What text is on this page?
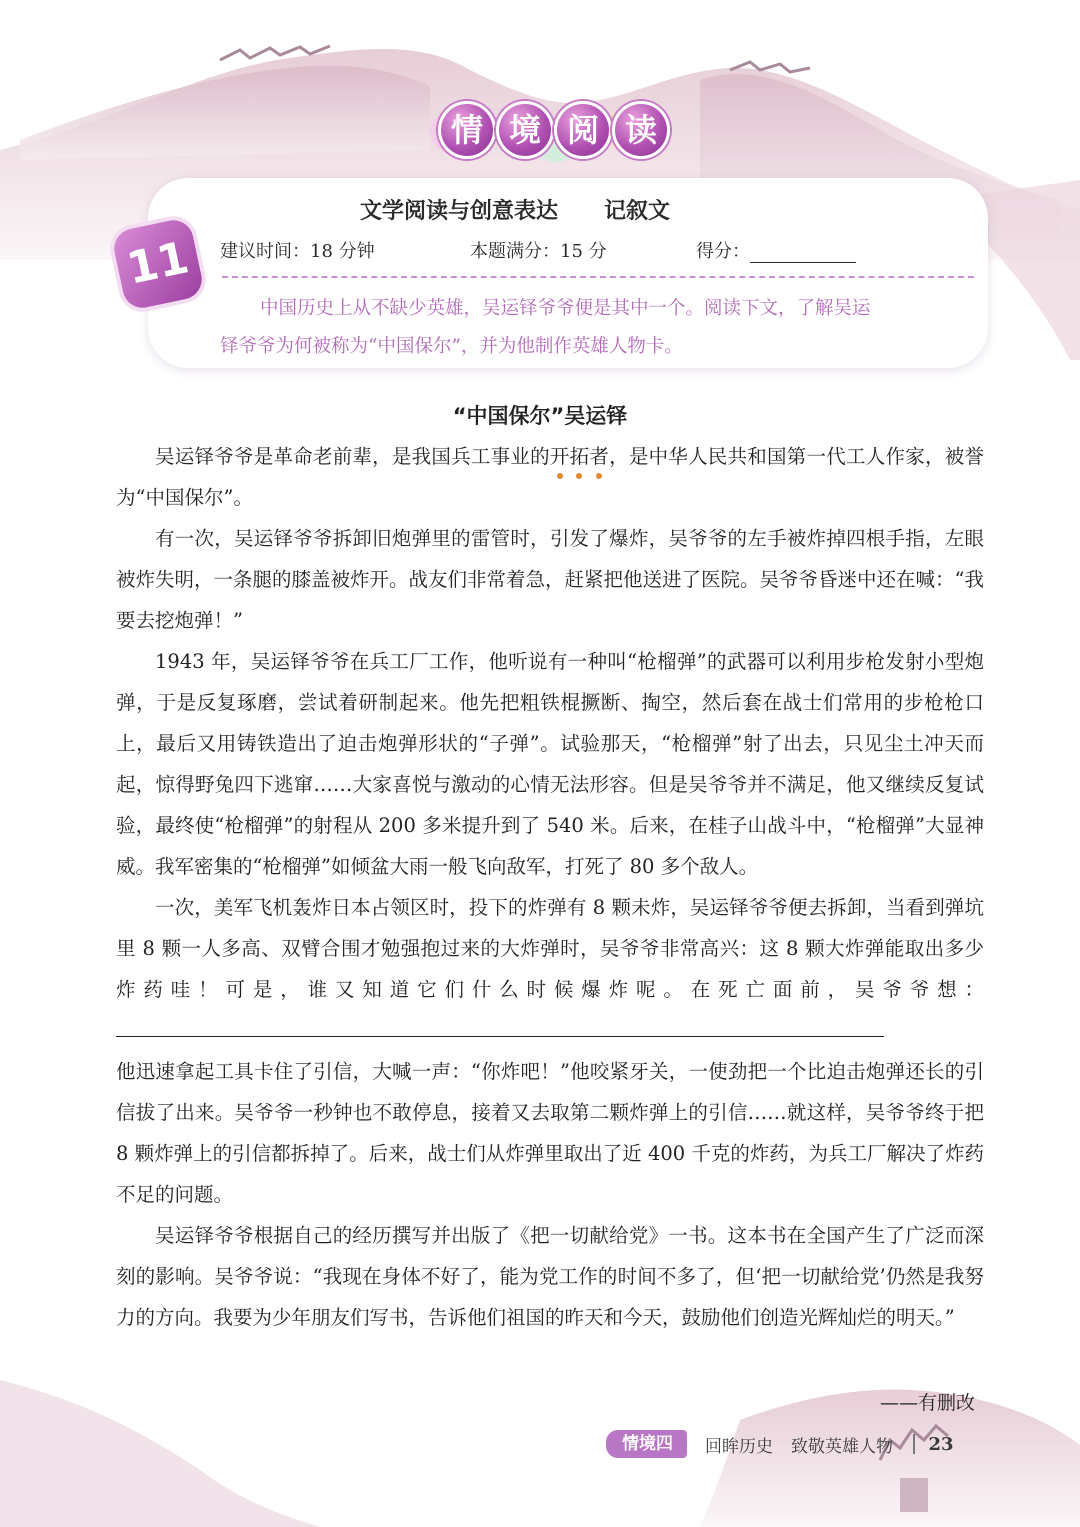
情 境 阅 读
11
文学阅读与创意表达 记叙文
建议时间：18 分钟	本题满分：15 分	得分：
中国历史上从不缺少英雄，吴运铎爷爷便是其中一个。阅读下文，了解吴运
铎爷爷为何被称为“中国保尔”，并为他制作英雄人物卡。
“中国保尔”吴运铎

吴运铎爷爷是革命老前辈，是我国兵工事业的开拓者
，是中华人民共和国第一代工人作家，被誉为“中国保尔”。

有一次，吴运铎爷爷拆卸旧炮弹里的雷管时，引发了爆炸，吴爷爷的左手被炸掉四根手指，左眼被炸失明，一条腿的膝盖被炸开。战友们非常着急，赶紧把他送进了医院。吴爷爷昏迷中还在喊：“我要去挖炮弹！”

1943 年，吴运铎爷爷在兵工厂工作，他听说有一种叫“枪榴弹”的武器可以利用步枪发射小型炮弹，于是反复琢磨，尝试着研制起来。他先把粗铁棍撅断、掏空，然后套在战士们常用的步枪枪口上，最后又用铸铁造出了迫击炮弹形状的“子弹”。试验那天，“枪榴弹”射了出去，只见尘土冲天而起，惊得野兔四下逃窜……大家喜悦与激动的心情无法形容。但是吴爷爷并不满足，他又继续反复试验，最终使“枪榴弹”的射程从 200 多米提升到了 540 米。后来，在桂子山战斗中，“枪榴弹”大显神威
。我军密集的“枪榴弹”如倾盆大雨一般飞向敌军，打死了 80 多个敌人。

一次，美军飞机轰炸日本占领区时，投下的炸弹有 8 颗未炸，吴运铎爷爷便去拆卸，当看到弹坑里 8 颗一人多高、双臂合围才勉强抱过来的大炸弹时，吴爷爷非常高兴：这 8 颗大炸弹能取出多少炸药哇！可是，谁又知道它们什么时候爆炸呢。在死亡面前，吴爷爷想：

他迅速拿起工具卡住了引信，大喊一声：“你炸吧！”他咬紧牙关，一使劲把一个比迫击炮弹还长的引信拔了出来。吴爷爷一秒钟也不敢停息，接着又去取第二颗炸弹上的引信……就这样，吴爷爷终于把 8 颗炸弹上的引信都拆掉了。后来，战士们从炸弹里取出了近 400 千克的炸药，为兵工厂解决了炸药不足的问题。

吴运铎爷爷根据自己的经历撰写并出版了《把一切献给党》一书。这本书在全国产生了广泛而深刻的影响。吴爷爷说：“我现在身体不好了，能为党工作的时间不多了，但‘把一切献给党’仍然是我努力的方向。我要为少年朋友们写书，告诉他们祖国的昨天和今天，鼓励他们创造光辉灿烂的明天。”

——有删改
情境四 回眸历史 致敬英雄人物 23
